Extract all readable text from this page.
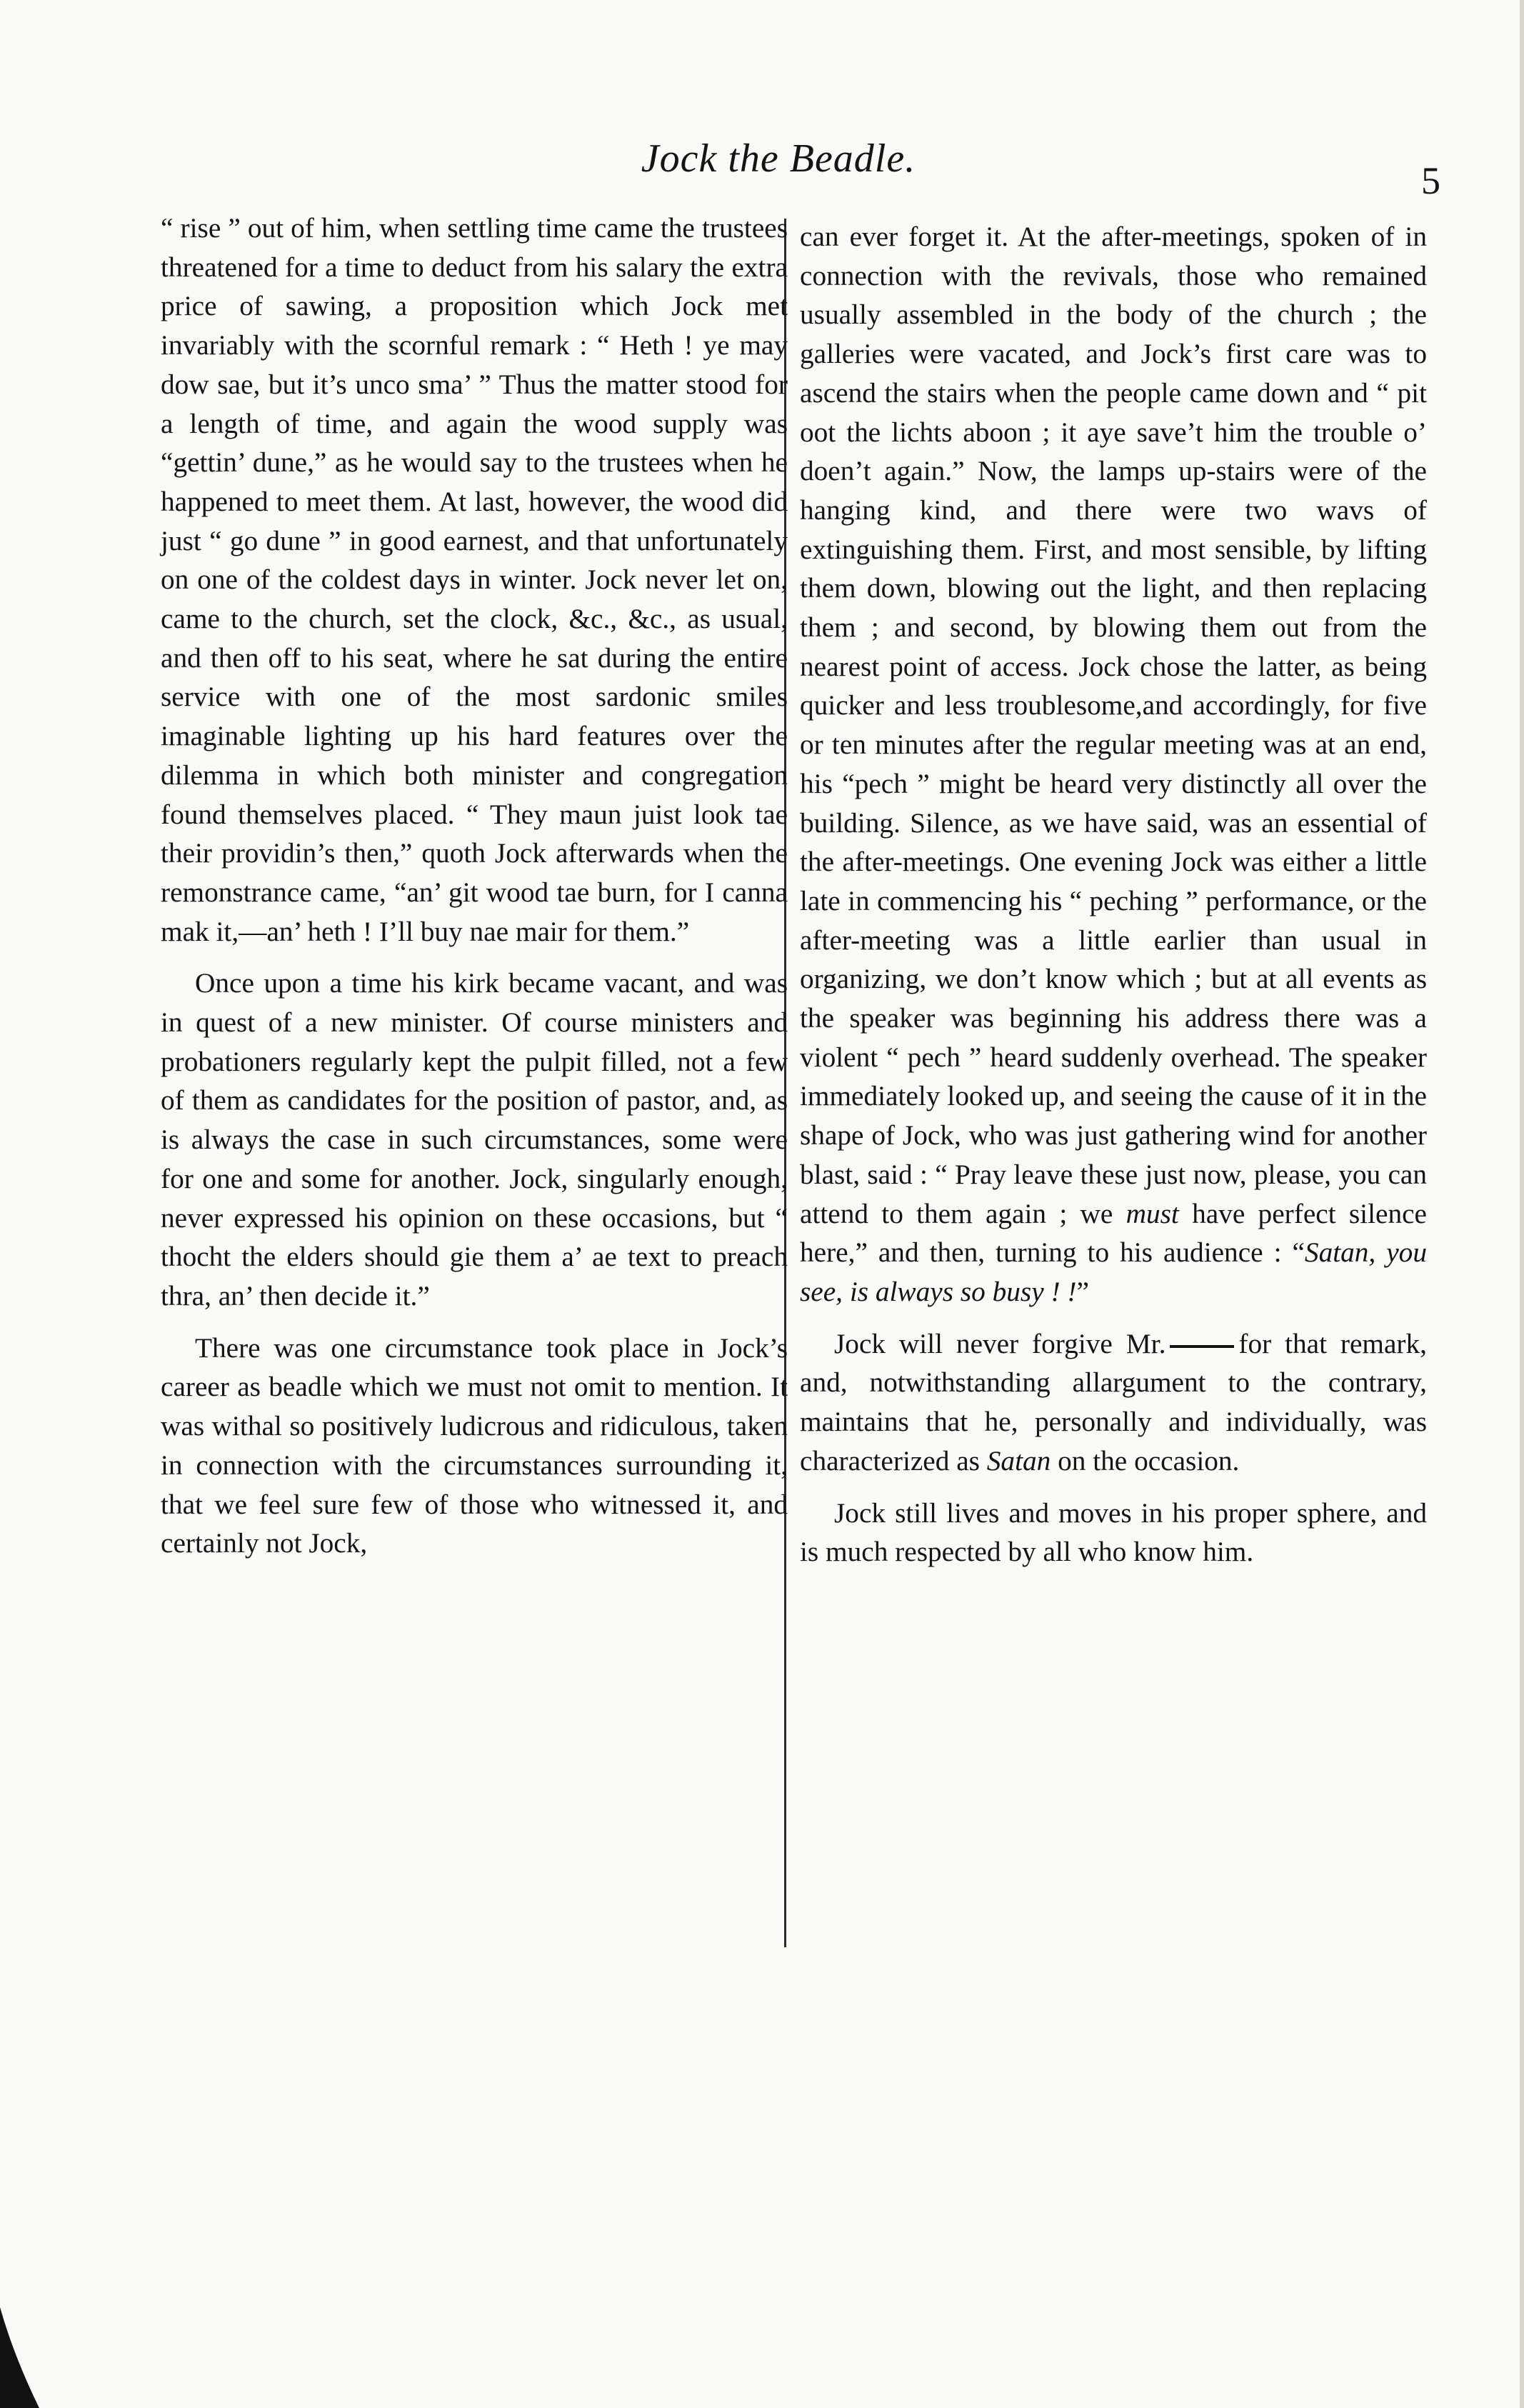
Jock the Beadle.	5

“ rise ” out of him, when settling time came the trustees threatened for a time to deduct from his salary the extra price of sawing, a proposition which Jock met invariably with the scornful remark : “ Heth ! ye may dow sae, but it’s unco sma’ ” Thus the matter stood for a length of time, and again the wood supply was “gettin’ dune,” as he would say to the trustees when he happened to meet them. At last, however, the wood did just “ go dune ” in good earnest, and that unfortunately on one of the coldest days in winter. Jock never let on, came to the church, set the clock, &c., &c., as usual, and then off to his seat, where he sat during the entire service with one of the most sardonic smiles imaginable lighting up his hard features over the dilemma in which both minister and congregation found themselves placed. “ They maun juist look tae their providin’s then,” quoth Jock afterwards when the remonstrance came, “an’ git wood tae burn, for I canna mak it,—an’ heth ! I’ll buy nae mair for them.”

Once upon a time his kirk became vacant, and was in quest of a new minister. Of course ministers and probationers regularly kept the pulpit filled, not a few of them as candidates for the position of pastor, and, as is always the case in such circumstances, some were for one and some for another. Jock, singularly enough, never expressed his opinion on these occasions, but “ thocht the elders should gie them a’ ae text to preach thra, an’ then decide it.”

There was one circumstance took place in Jock’s career as beadle which we must not omit to mention. It was withal so positively ludicrous and ridiculous, taken in connection with the circumstances surrounding it, that we feel sure few of those who witnessed it, and certainly not Jock,

can ever forget it. At the after-meetings, spoken of in connection with the revivals, those who remained usually assembled in the body of the church ; the galleries were vacated, and Jock’s first care was to ascend the stairs when the people came down and “ pit oot the lichts aboon ; it aye save’t him the trouble o’ doen’t again.” Now, the lamps up-stairs were of the hanging kind, and there were two wavs of extinguishing them. First, and most sensible, by lifting them down, blowing out the light, and then replacing them ; and second, by blowing them out from the nearest point of access. Jock chose the latter, as being quicker and less troublesome,and accordingly, for five or ten minutes after the regular meeting was at an end, his “pech ” might be heard very distinctly all over the building. Silence, as we have said, was an essential of the after-meetings. One evening Jock was either a little late in commencing his “ peching ” performance, or the after-meeting was a little earlier than usual in organizing, we don’t know which ; but at all events as the speaker was beginning his address there was a violent “ pech ” heard suddenly overhead. The speaker immediately looked up, and seeing the cause of it in the shape of Jock, who was just gathering wind for another blast, said : “ Pray leave these just now, please, you can attend to them again ; we must have perfect silence here,” and then, turning to his audience : “Satan, you see, is always so busy ! !”

Jock will never forgive Mr.	for that remark, and, notwithstanding allargument to the contrary, maintains that he, personally and individually, was characterized as Satan on the occasion.

Jock still lives and moves in his proper sphere, and is much respected by all who know him.
